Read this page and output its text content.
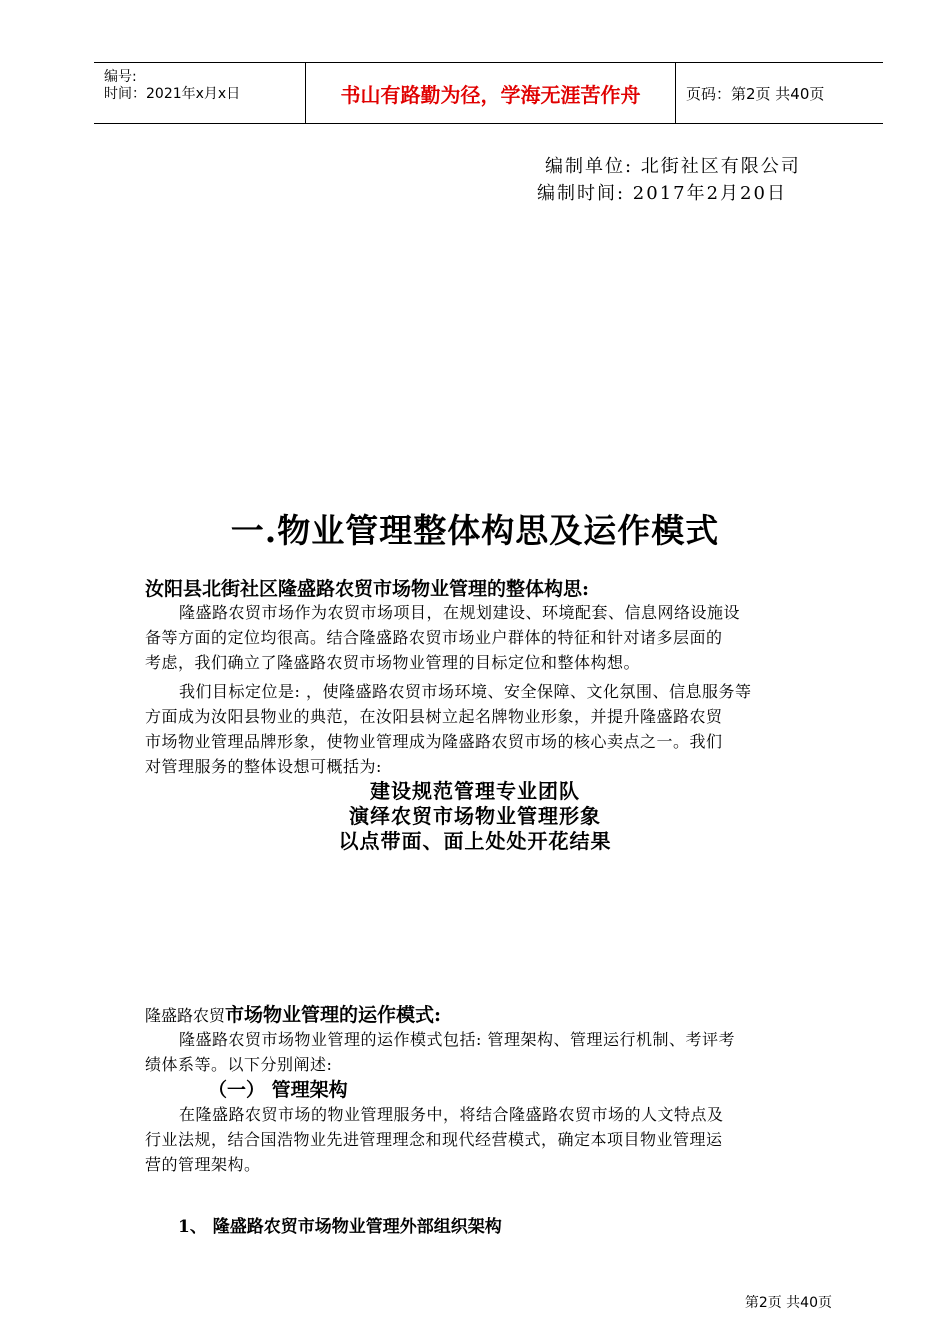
编号:
时间：2021年x月x日	书山有路勤为径，学海无涯苦作舟	页码：第2页 共40页
编制单位: 北街社区有限公司
编制时间: 2017年2月20日
一.物业管理整体构思及运作模式
汝阳县北街社区隆盛路农贸市场物业管理的整体构思:
隆盛路农贸市场作为农贸市场项目，在规划建设、环境配套、信息网络设施设
备等方面的定位均很高。结合隆盛路农贸市场业户群体的特征和针对诸多层面的
考虑，我们确立了隆盛路农贸市场物业管理的目标定位和整体构想。
我们目标定位是: ，使隆盛路农贸市场环境、安全保障、文化氛围、信息服务等
方面成为汝阳县物业的典范，在汝阳县树立起名牌物业形象，并提升隆盛路农贸
市场物业管理品牌形象，使物业管理成为隆盛路农贸市场的核心卖点之一。我们
对管理服务的整体设想可概括为:
建设规范管理专业团队
演绎农贸市场物业管理形象
以点带面、面上处处开花结果
隆盛路农贸市场物业管理的运作模式:
隆盛路农贸市场物业管理的运作模式包括: 管理架构、管理运行机制、考评考
绩体系等。以下分别阐述:
（一） 管理架构
在隆盛路农贸市场的物业管理服务中，将结合隆盛路农贸市场的人文特点及
行业法规，结合国浩物业先进管理理念和现代经营模式，确定本项目物业管理运
营的管理架构。
1、 隆盛路农贸市场物业管理外部组织架构
第2页 共40页
